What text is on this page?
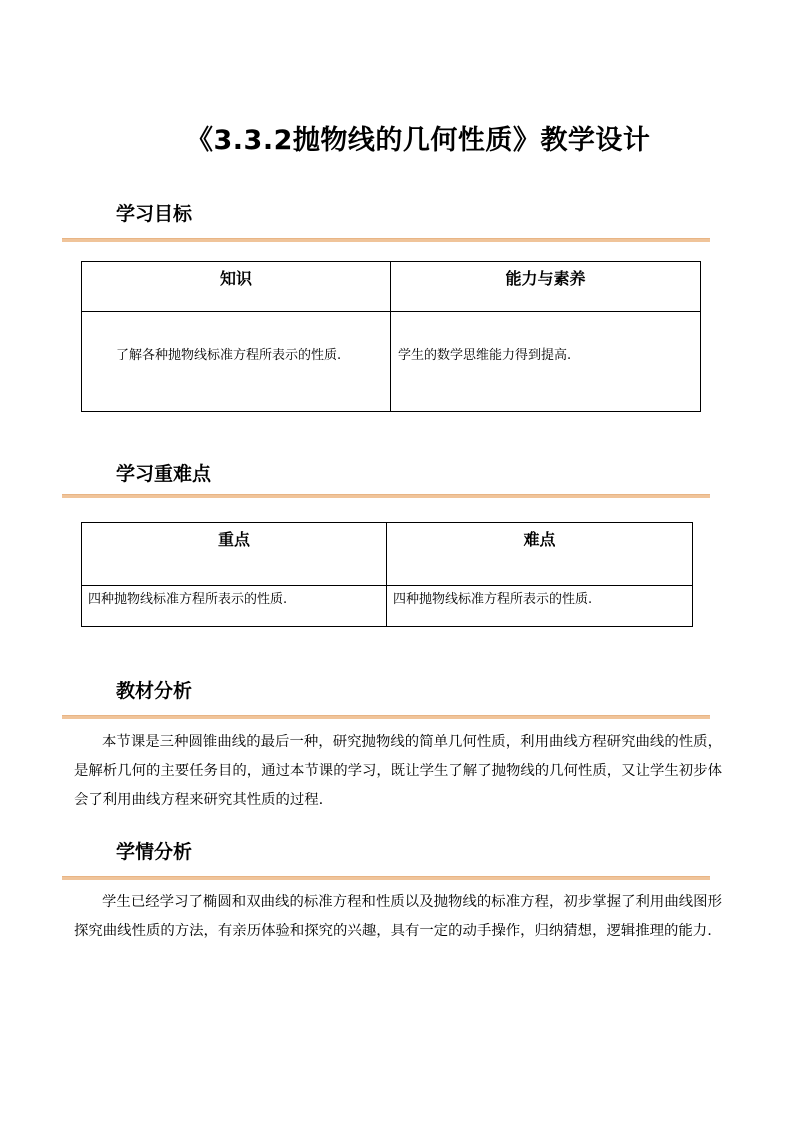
《3.3.2抛物线的几何性质》教学设计
学习目标
知识	能力与素养

了解各种抛物线标准方程所表示的性质.	学生的数学思维能力得到提高.
学习重难点
重点	难点

四种抛物线标准方程所表示的性质.	四种抛物线标准方程所表示的性质.
教材分析
本节课是三种圆锥曲线的最后一种，研究抛物线的简单几何性质，利用曲线方程研究曲线的性质，是解析几何的主要任务目的，通过本节课的学习，既让学生了解了抛物线的几何性质，又让学生初步体会了利用曲线方程来研究其性质的过程.
学情分析
学生已经学习了椭圆和双曲线的标准方程和性质以及抛物线的标准方程，初步掌握了利用曲线图形探究曲线性质的方法，有亲历体验和探究的兴趣，具有一定的动手操作，归纳猜想，逻辑推理的能力.
